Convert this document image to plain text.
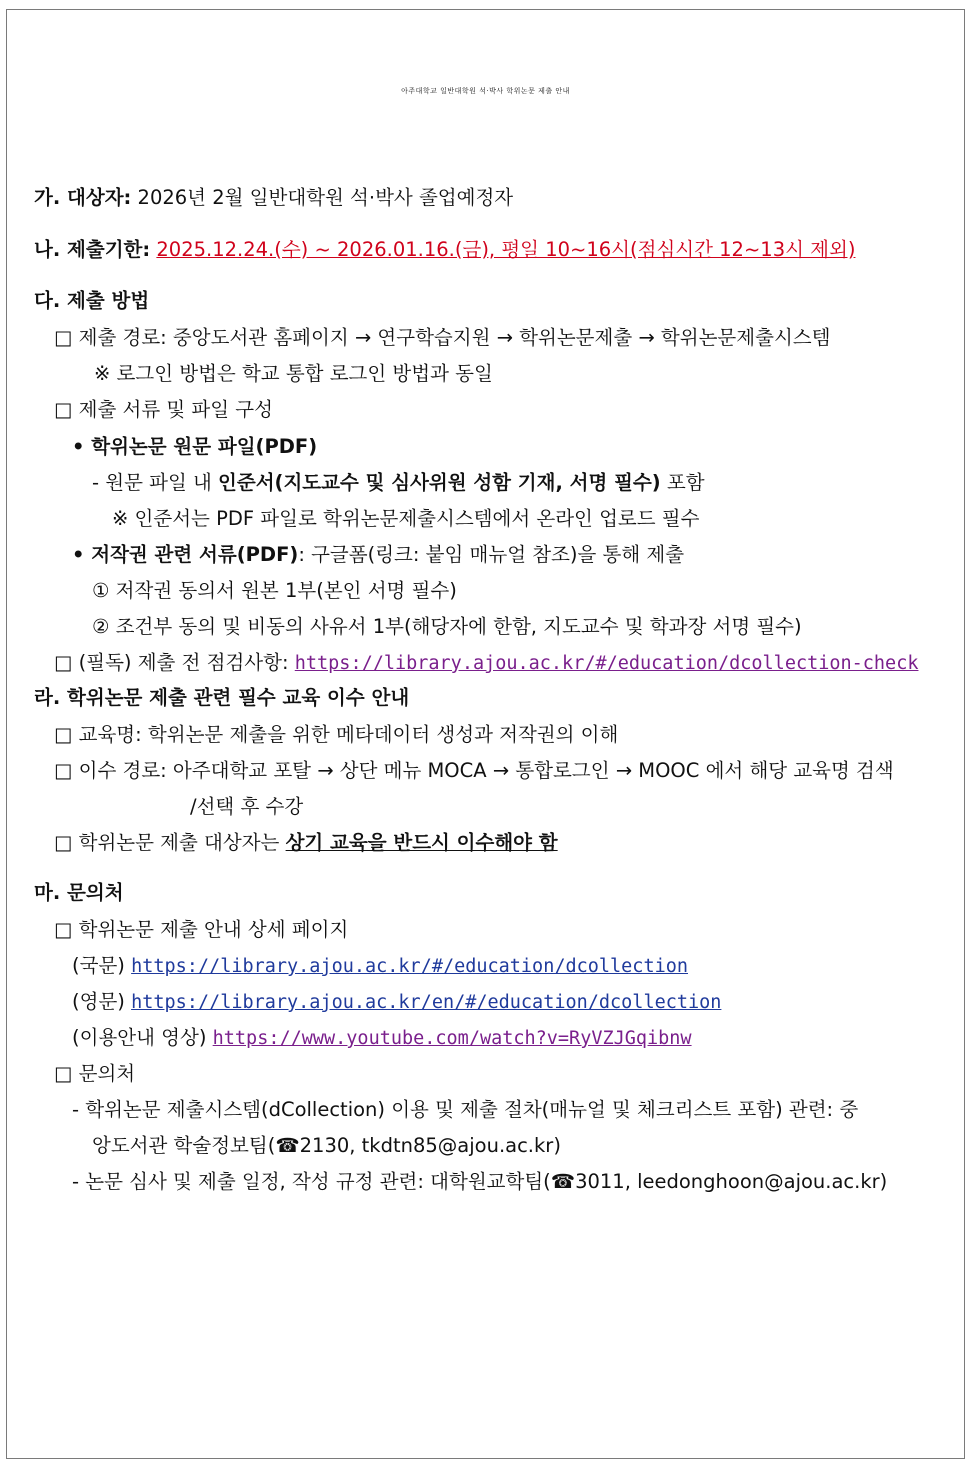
아주대학교 일반대학원 석·박사 학위논문 제출 안내
가. 대상자: 2026년 2월 일반대학원 석·박사 졸업예정자
나. 제출기한: 2025.12.24.(수) ~ 2026.01.16.(금), 평일 10~16시(점심시간 12~13시 제외)
다. 제출 방법
□ 제출 경로: 중앙도서관 홈페이지 → 연구학습지원 → 학위논문제출 → 학위논문제출시스템
※ 로그인 방법은 학교 통합 로그인 방법과 동일
□ 제출 서류 및 파일 구성
• 학위논문 원문 파일(PDF)
- 원문 파일 내 인준서(지도교수 및 심사위원 성함 기재, 서명 필수) 포함
※ 인준서는 PDF 파일로 학위논문제출시스템에서 온라인 업로드 필수
• 저작권 관련 서류(PDF): 구글폼(링크: 붙임 매뉴얼 참조)을 통해 제출
① 저작권 동의서 원본 1부(본인 서명 필수)
② 조건부 동의 및 비동의 사유서 1부(해당자에 한함, 지도교수 및 학과장 서명 필수)
□ (필독) 제출 전 점검사항: https://library.ajou.ac.kr/#/education/dcollection-check
라. 학위논문 제출 관련 필수 교육 이수 안내
□ 교육명: 학위논문 제출을 위한 메타데이터 생성과 저작권의 이해
□ 이수 경로: 아주대학교 포탈 → 상단 메뉴 MOCA → 통합로그인 → MOOC 에서 해당 교육명 검색
/선택 후 수강
□ 학위논문 제출 대상자는 상기 교육을 반드시 이수해야 함
마. 문의처
□ 학위논문 제출 안내 상세 페이지
(국문) https://library.ajou.ac.kr/#/education/dcollection
(영문) https://library.ajou.ac.kr/en/#/education/dcollection
(이용안내 영상) https://www.youtube.com/watch?v=RyVZJGqibnw
□ 문의처
- 학위논문 제출시스템(dCollection) 이용 및 제출 절차(매뉴얼 및 체크리스트 포함) 관련: 중
앙도서관 학술정보팀(☎2130, tkdtn85@ajou.ac.kr)
- 논문 심사 및 제출 일정, 작성 규정 관련: 대학원교학팀(☎3011, leedonghoon@ajou.ac.kr)
